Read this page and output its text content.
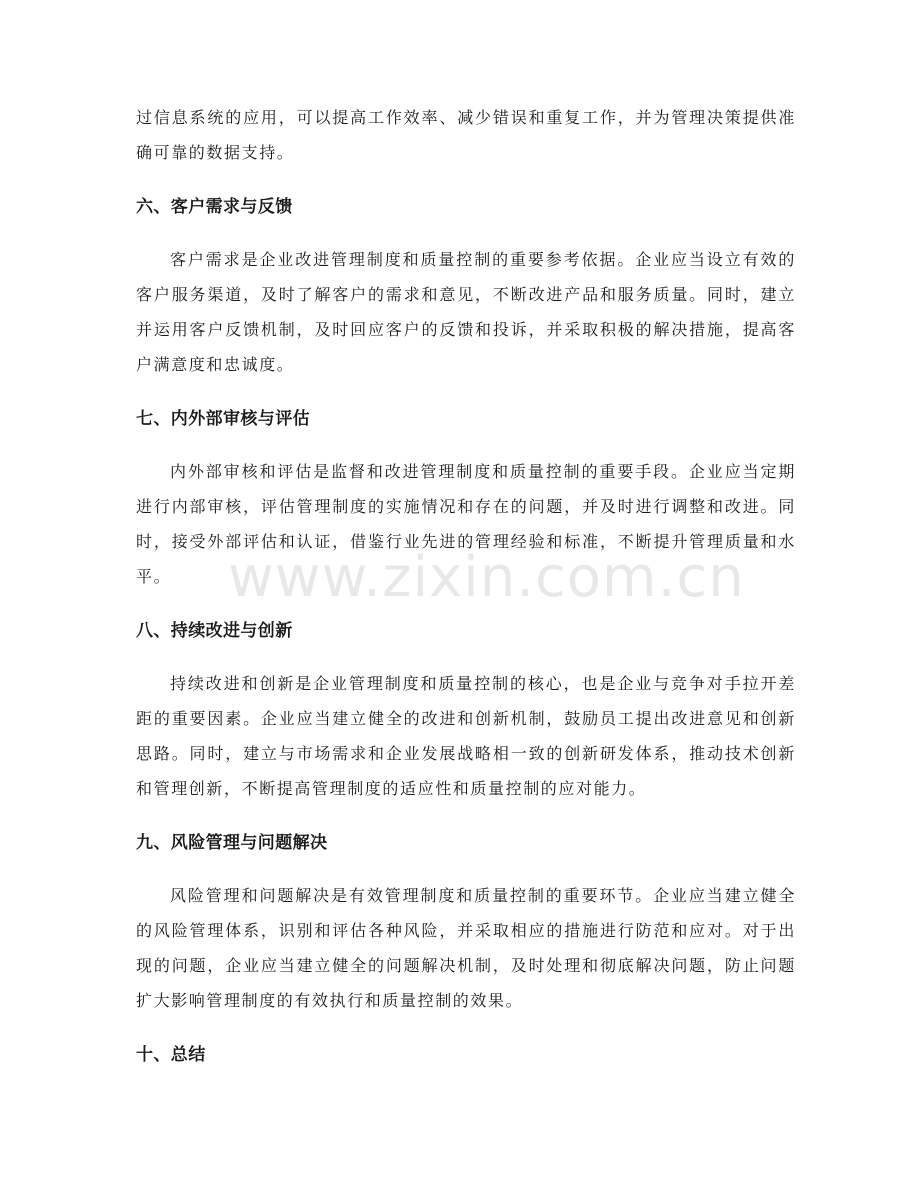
过信息系统的应用，可以提高工作效率、减少错误和重复工作，并为管理决策提供准确可靠的数据支持。

六、客户需求与反馈

客户需求是企业改进管理制度和质量控制的重要参考依据。企业应当设立有效的客户服务渠道，及时了解客户的需求和意见，不断改进产品和服务质量。同时，建立并运用客户反馈机制，及时回应客户的反馈和投诉，并采取积极的解决措施，提高客户满意度和忠诚度。

七、内外部审核与评估

内外部审核和评估是监督和改进管理制度和质量控制的重要手段。企业应当定期进行内部审核，评估管理制度的实施情况和存在的问题，并及时进行调整和改进。同时，接受外部评估和认证，借鉴行业先进的管理经验和标准，不断提升管理质量和水平。

八、持续改进与创新

持续改进和创新是企业管理制度和质量控制的核心，也是企业与竞争对手拉开差距的重要因素。企业应当建立健全的改进和创新机制，鼓励员工提出改进意见和创新思路。同时，建立与市场需求和企业发展战略相一致的创新研发体系，推动技术创新和管理创新，不断提高管理制度的适应性和质量控制的应对能力。

九、风险管理与问题解决

风险管理和问题解决是有效管理制度和质量控制的重要环节。企业应当建立健全的风险管理体系，识别和评估各种风险，并采取相应的措施进行防范和应对。对于出现的问题，企业应当建立健全的问题解决机制，及时处理和彻底解决问题，防止问题扩大影响管理制度的有效执行和质量控制的效果。

十、总结
www.zixin.com.cn
